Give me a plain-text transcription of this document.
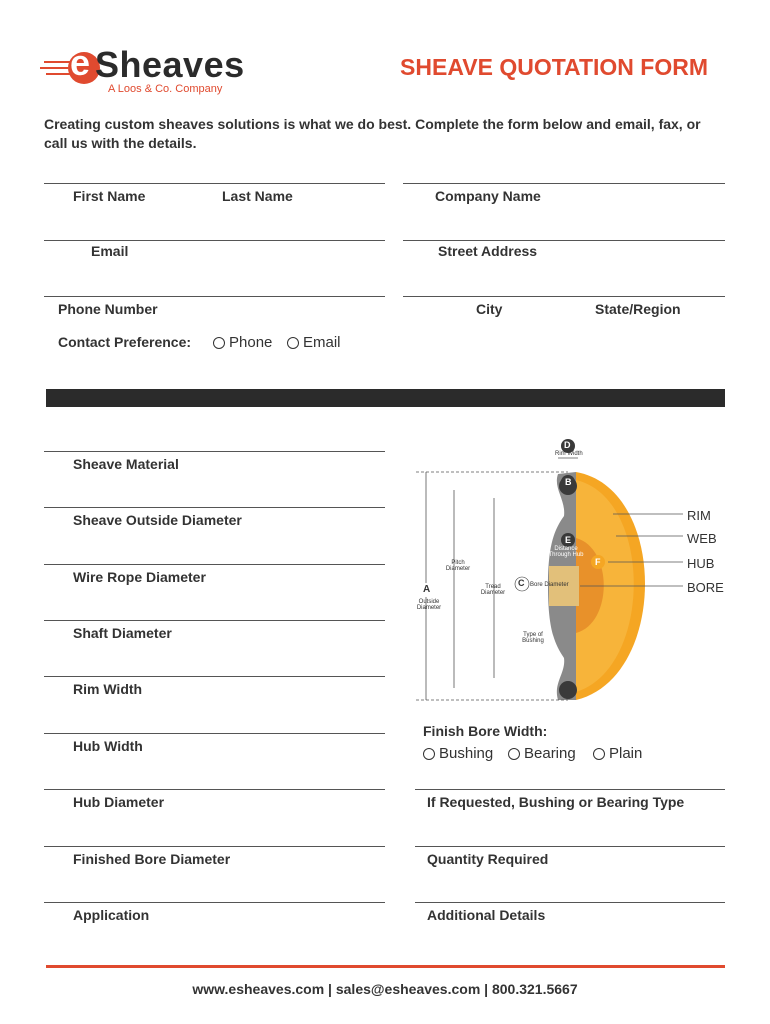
e Sheaves
A Loos & Co. Company
SHEAVE QUOTATION FORM
Creating custom sheaves solutions is what we do best. Complete the form below and email, fax, or call us with the details.
First Name	Last Name	Company Name
Email	Street Address
Phone Number	City	State/Region
Contact Preference:	Phone Email
Sheave Material
Sheave Outside Diameter
Wire Rope Diameter
Shaft Diameter
Rim Width
Hub Width
Hub Diameter
Finished Bore Diameter
Application
D
Rim Width
B
E
Distance Through Hub
F
C Bore Diameter
Pitch Diameter
Tread Diameter
A
Outside Diameter
Type of Bushing
RIM
WEB
HUB
BORE
Finish Bore Width:
Bushing Bearing Plain
If Requested, Bushing or Bearing Type
Quantity Required
Additional Details
www.esheaves.com | sales@esheaves.com | 800.321.5667
